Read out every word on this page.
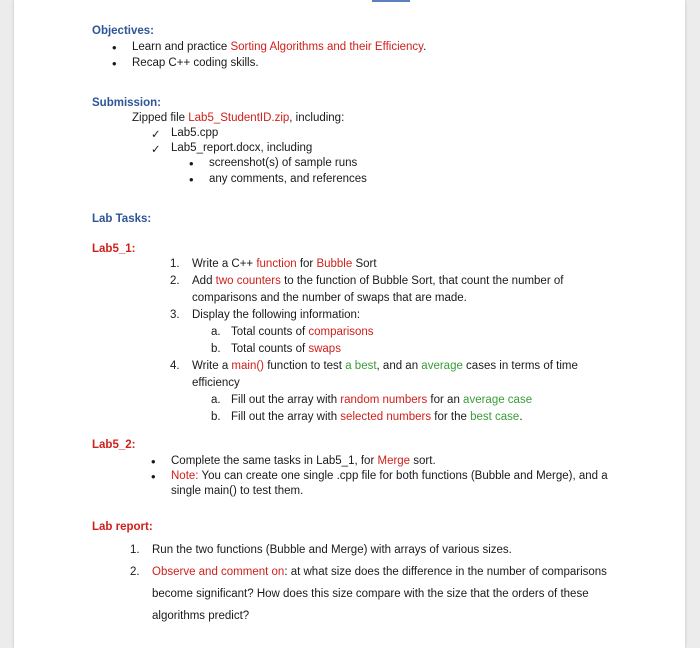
Objectives:
• Learn and practice Sorting Algorithms and their Efficiency.
• Recap C++ coding skills.
Submission:
Zipped file Lab5_StudentID.zip, including:
✓ Lab5.cpp
✓ Lab5_report.docx, including
• screenshot(s) of sample runs
• any comments, and references
Lab Tasks:
Lab5_1:
1. Write a C++ function for Bubble Sort
2. Add two counters to the function of Bubble Sort, that count the number of
comparisons and the number of swaps that are made.
3. Display the following information:
a. Total counts of comparisons
b. Total counts of swaps
4. Write a main() function to test a best, and an average cases in terms of time
efficiency
a. Fill out the array with random numbers for an average case
b. Fill out the array with selected numbers for the best case.
Lab5_2:
• Complete the same tasks in Lab5_1, for Merge sort.
• Note: You can create one single .cpp file for both functions (Bubble and Merge), and a
single main() to test them.
Lab report:
1. Run the two functions (Bubble and Merge) with arrays of various sizes.
2. Observe and comment on: at what size does the difference in the number of comparisons
become significant? How does this size compare with the size that the orders of these
algorithms predict?
